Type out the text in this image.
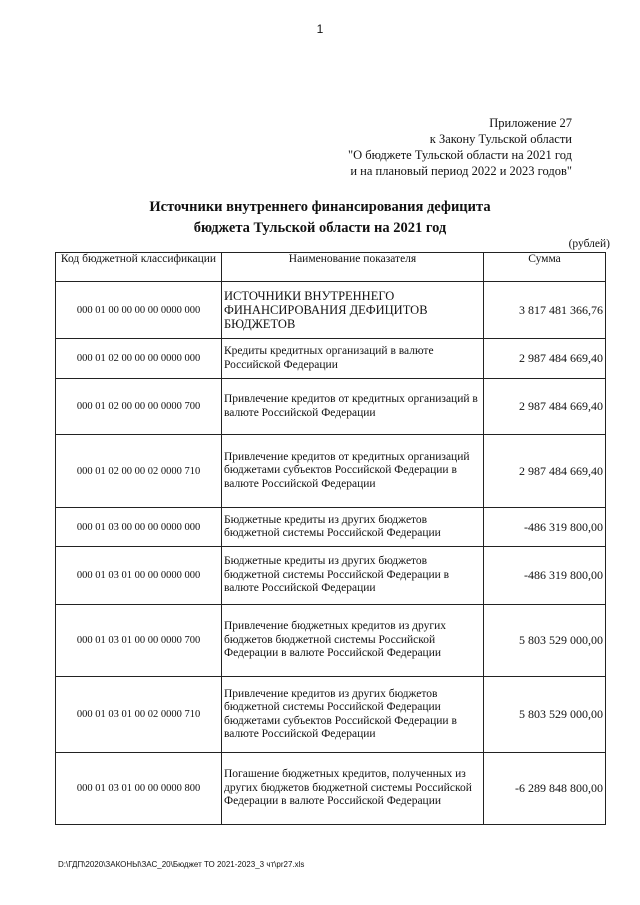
1
Приложение 27
к Закону Тульской области
"О бюджете Тульской области на 2021 год
и на плановый период 2022 и 2023 годов"
Источники внутреннего финансирования дефицита
бюджета Тульской области на 2021 год
(рублей)
Код бюджетной классификации	Наименование показателя	Сумма
000 01 00 00 00 00 0000 000	ИСТОЧНИКИ ВНУТРЕННЕГО ФИНАНСИРОВАНИЯ ДЕФИЦИТОВ БЮДЖЕТОВ	3 817 481 366,76
000 01 02 00 00 00 0000 000	Кредиты кредитных организаций в валюте Российской Федерации	2 987 484 669,40
000 01 02 00 00 00 0000 700	Привлечение кредитов от кредитных организаций в валюте Российской Федерации	2 987 484 669,40
000 01 02 00 00 02 0000 710	Привлечение кредитов от кредитных организаций бюджетами субъектов Российской Федерации в валюте Российской Федерации	2 987 484 669,40
000 01 03 00 00 00 0000 000	Бюджетные кредиты из других бюджетов бюджетной системы Российской Федерации	-486 319 800,00
000 01 03 01 00 00 0000 000	Бюджетные кредиты из других бюджетов бюджетной системы Российской Федерации в валюте Российской Федерации	-486 319 800,00
000 01 03 01 00 00 0000 700	Привлечение бюджетных кредитов из других бюджетов бюджетной системы Российской Федерации в валюте Российской Федерации	5 803 529 000,00
000 01 03 01 00 02 0000 710	Привлечение кредитов из других бюджетов бюджетной системы Российской Федерации бюджетами субъектов Российской Федерации в валюте Российской Федерации	5 803 529 000,00
000 01 03 01 00 00 0000 800	Погашение бюджетных кредитов, полученных из других бюджетов бюджетной системы Российской Федерации в валюте Российской Федерации	-6 289 848 800,00
D:\ГДП\2020\ЗАКОНЫ\ЗАС_20\Бюджет ТО 2021-2023_3 чт\pr27.xls
